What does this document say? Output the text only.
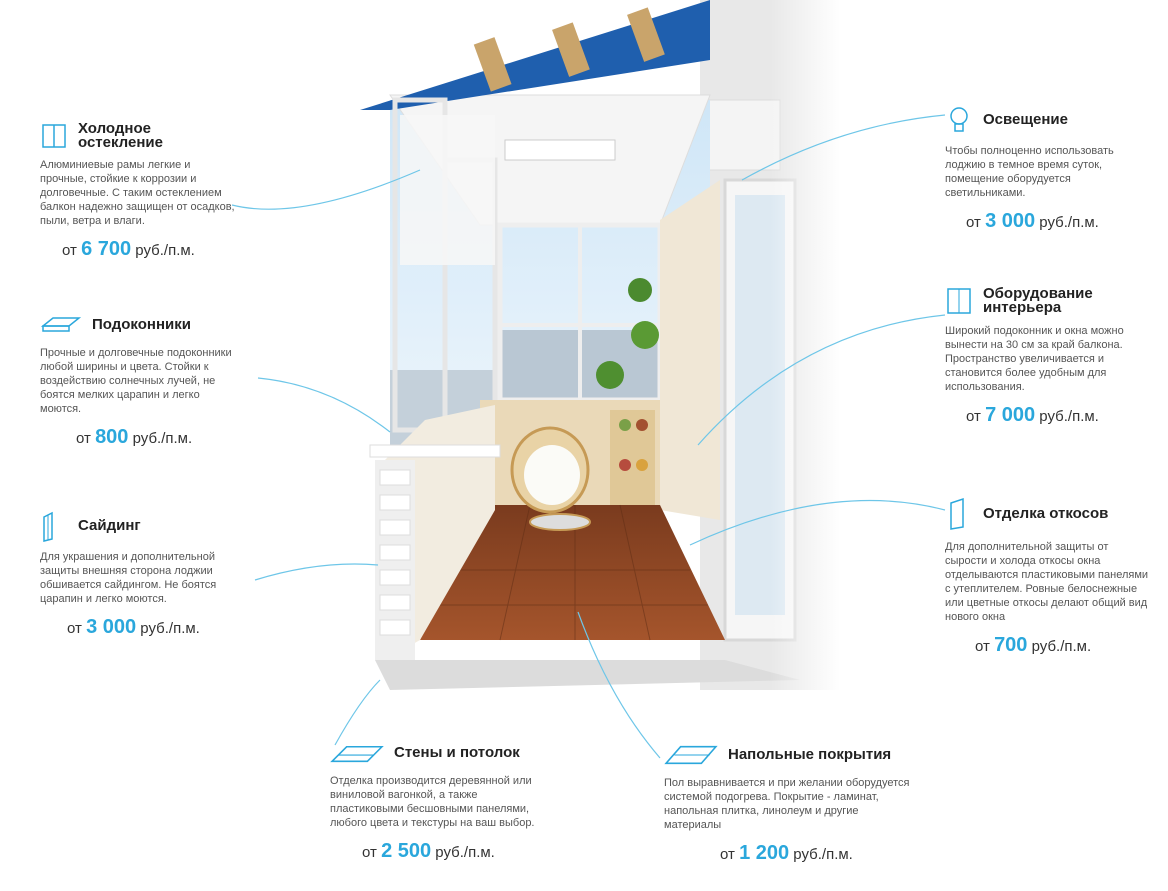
Холодное остекление
Алюминиевые рамы легкие и прочные, стойкие к коррозии и долговечные. С таким остеклением балкон надежно защищен от осадков, пыли, ветра и влаги.
от 6 700 руб./п.м.
Подоконники
Прочные и долговечные подоконники любой ширины и цвета. Стойки к воздействию солнечных лучей, не боятся мелких царапин и легко моются.
от 800 руб./п.м.
Сайдинг
Для украшения и дополнительной защиты внешняя сторона лоджии обшивается сайдингом. Не боятся царапин и легко моются.
от 3 000 руб./п.м.
Стены и потолок
Отделка производится деревянной или виниловой вагонкой, а также пластиковыми бесшовными панелями, любого цвета и текстуры на ваш выбор.
от 2 500 руб./п.м.
Напольные покрытия
Пол выравнивается и при желании оборудуется системой подогрева. Покрытие - ламинат, напольная плитка, линолеум и другие материалы
от 1 200 руб./п.м.
Освещение
Чтобы полноценно использовать лоджию в темное время суток, помещение оборудуется светильниками.
от 3 000 руб./п.м.
Оборудование интерьера
Широкий подоконник и окна можно вынести на 30 см за край балкона. Пространство увеличивается и становится более удобным для использования.
от 7 000 руб./п.м.
Отделка откосов
Для дополнительной защиты от сырости и холода откосы окна отделываются пластиковыми панелями с утеплителем. Ровные белоснежные или цветные откосы делают общий вид нового окна
от 700 руб./п.м.
